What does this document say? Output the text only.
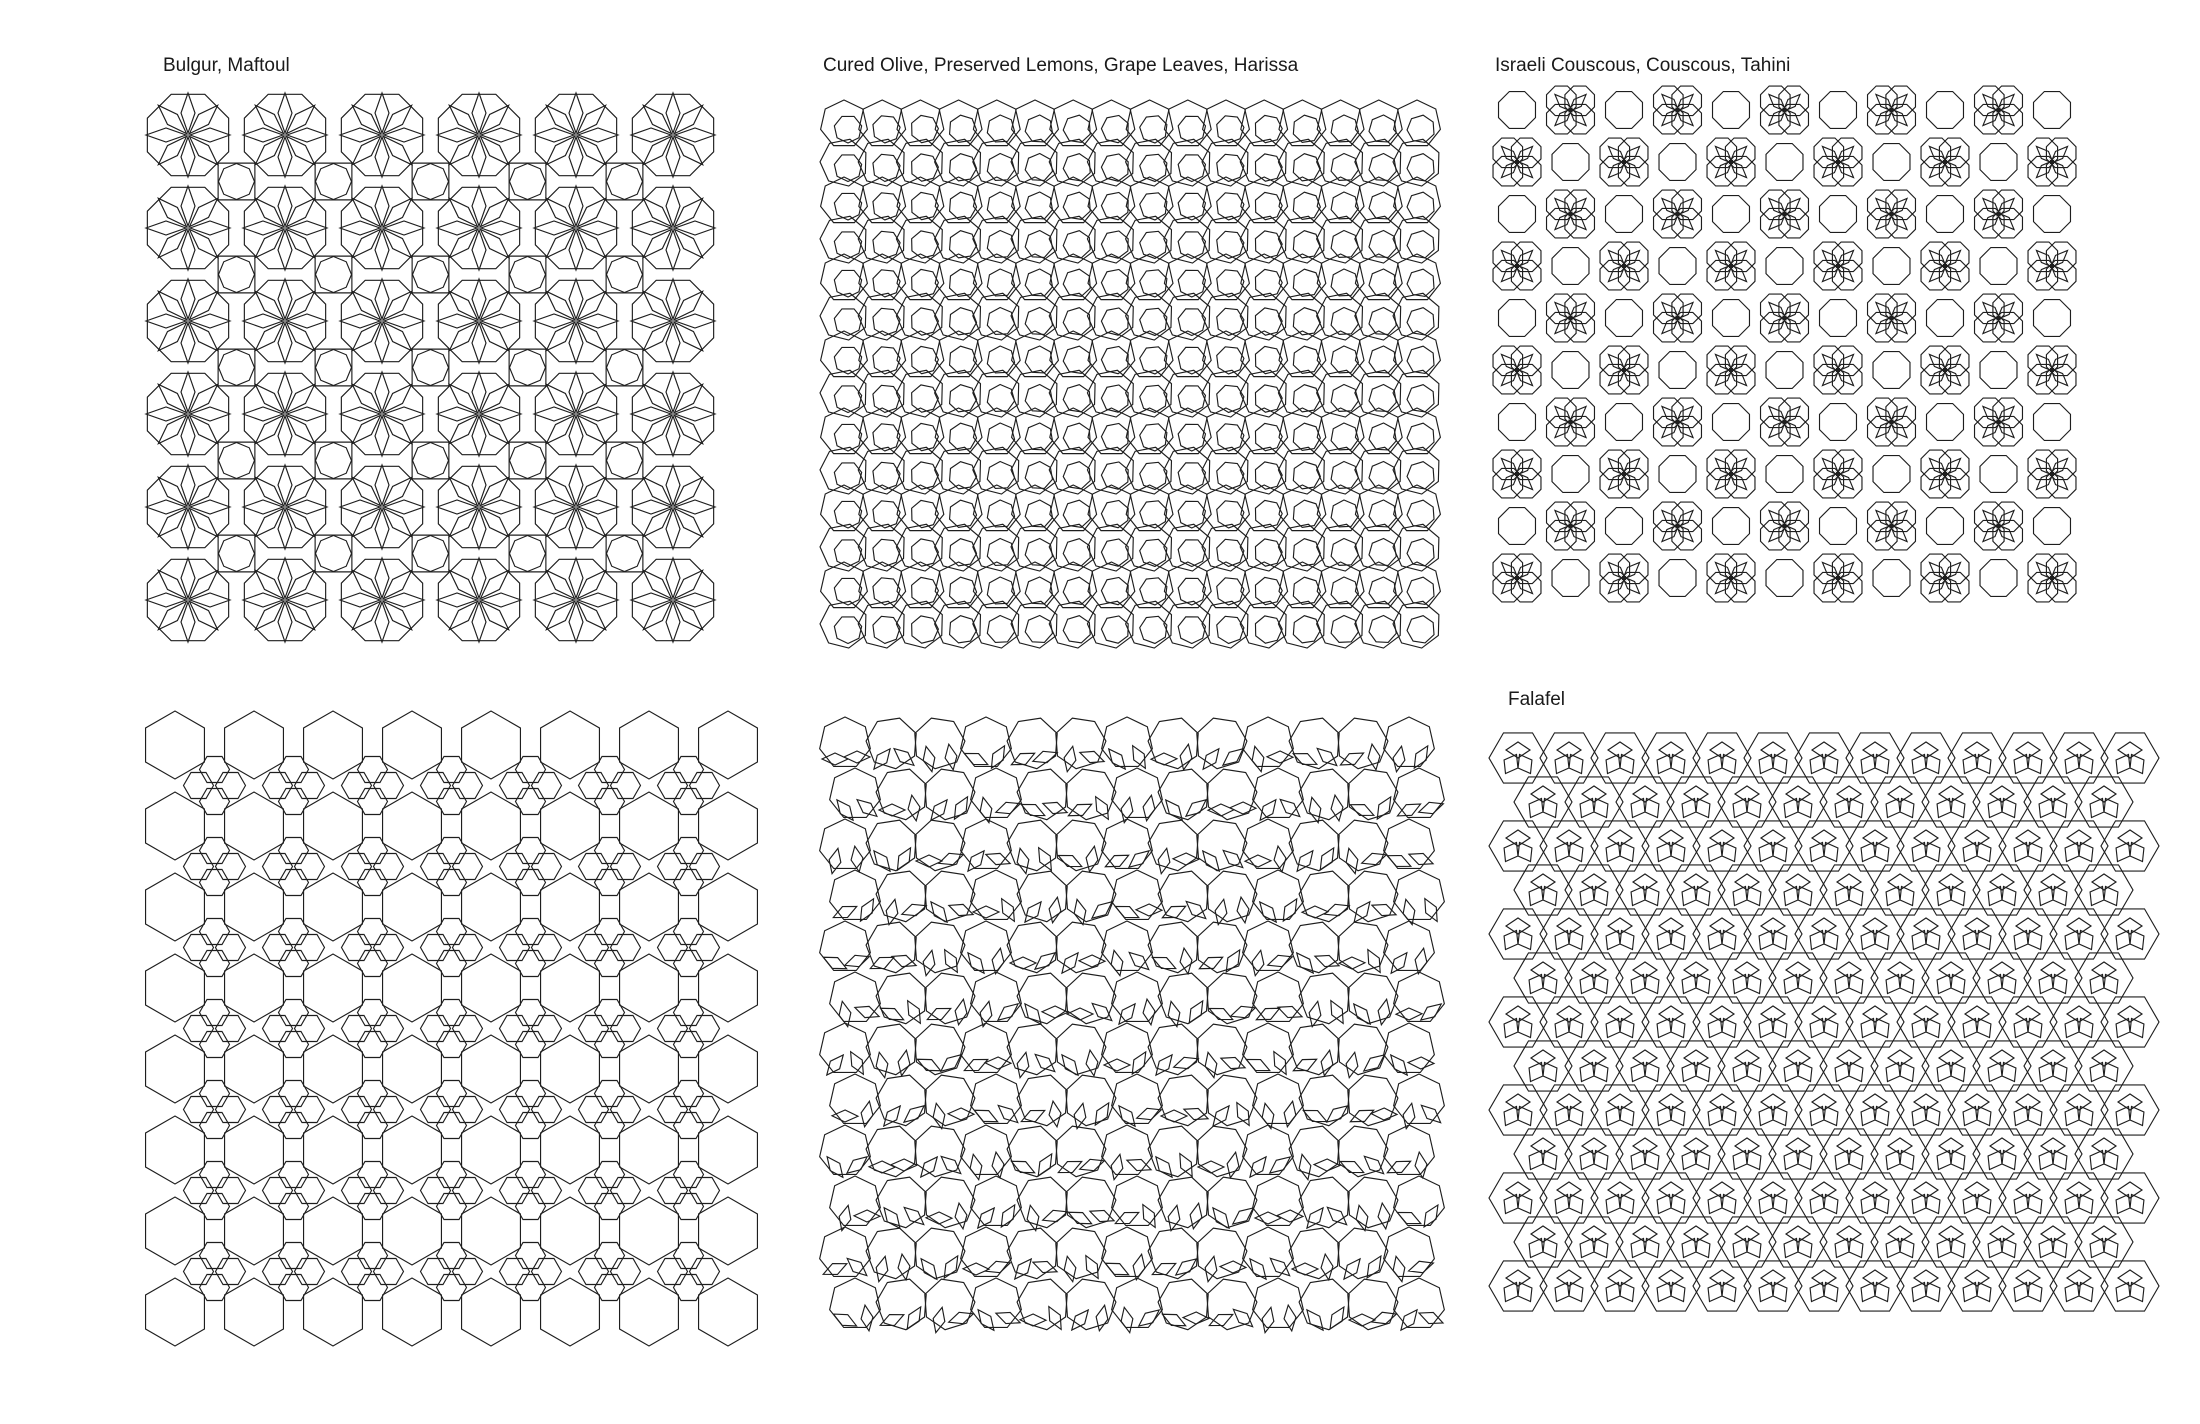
Bulgur, Maftoul	Cured Olive, Preserved Lemons, Grape Leaves, Harissa	Israeli Couscous, Couscous, Tahini
Falafel
